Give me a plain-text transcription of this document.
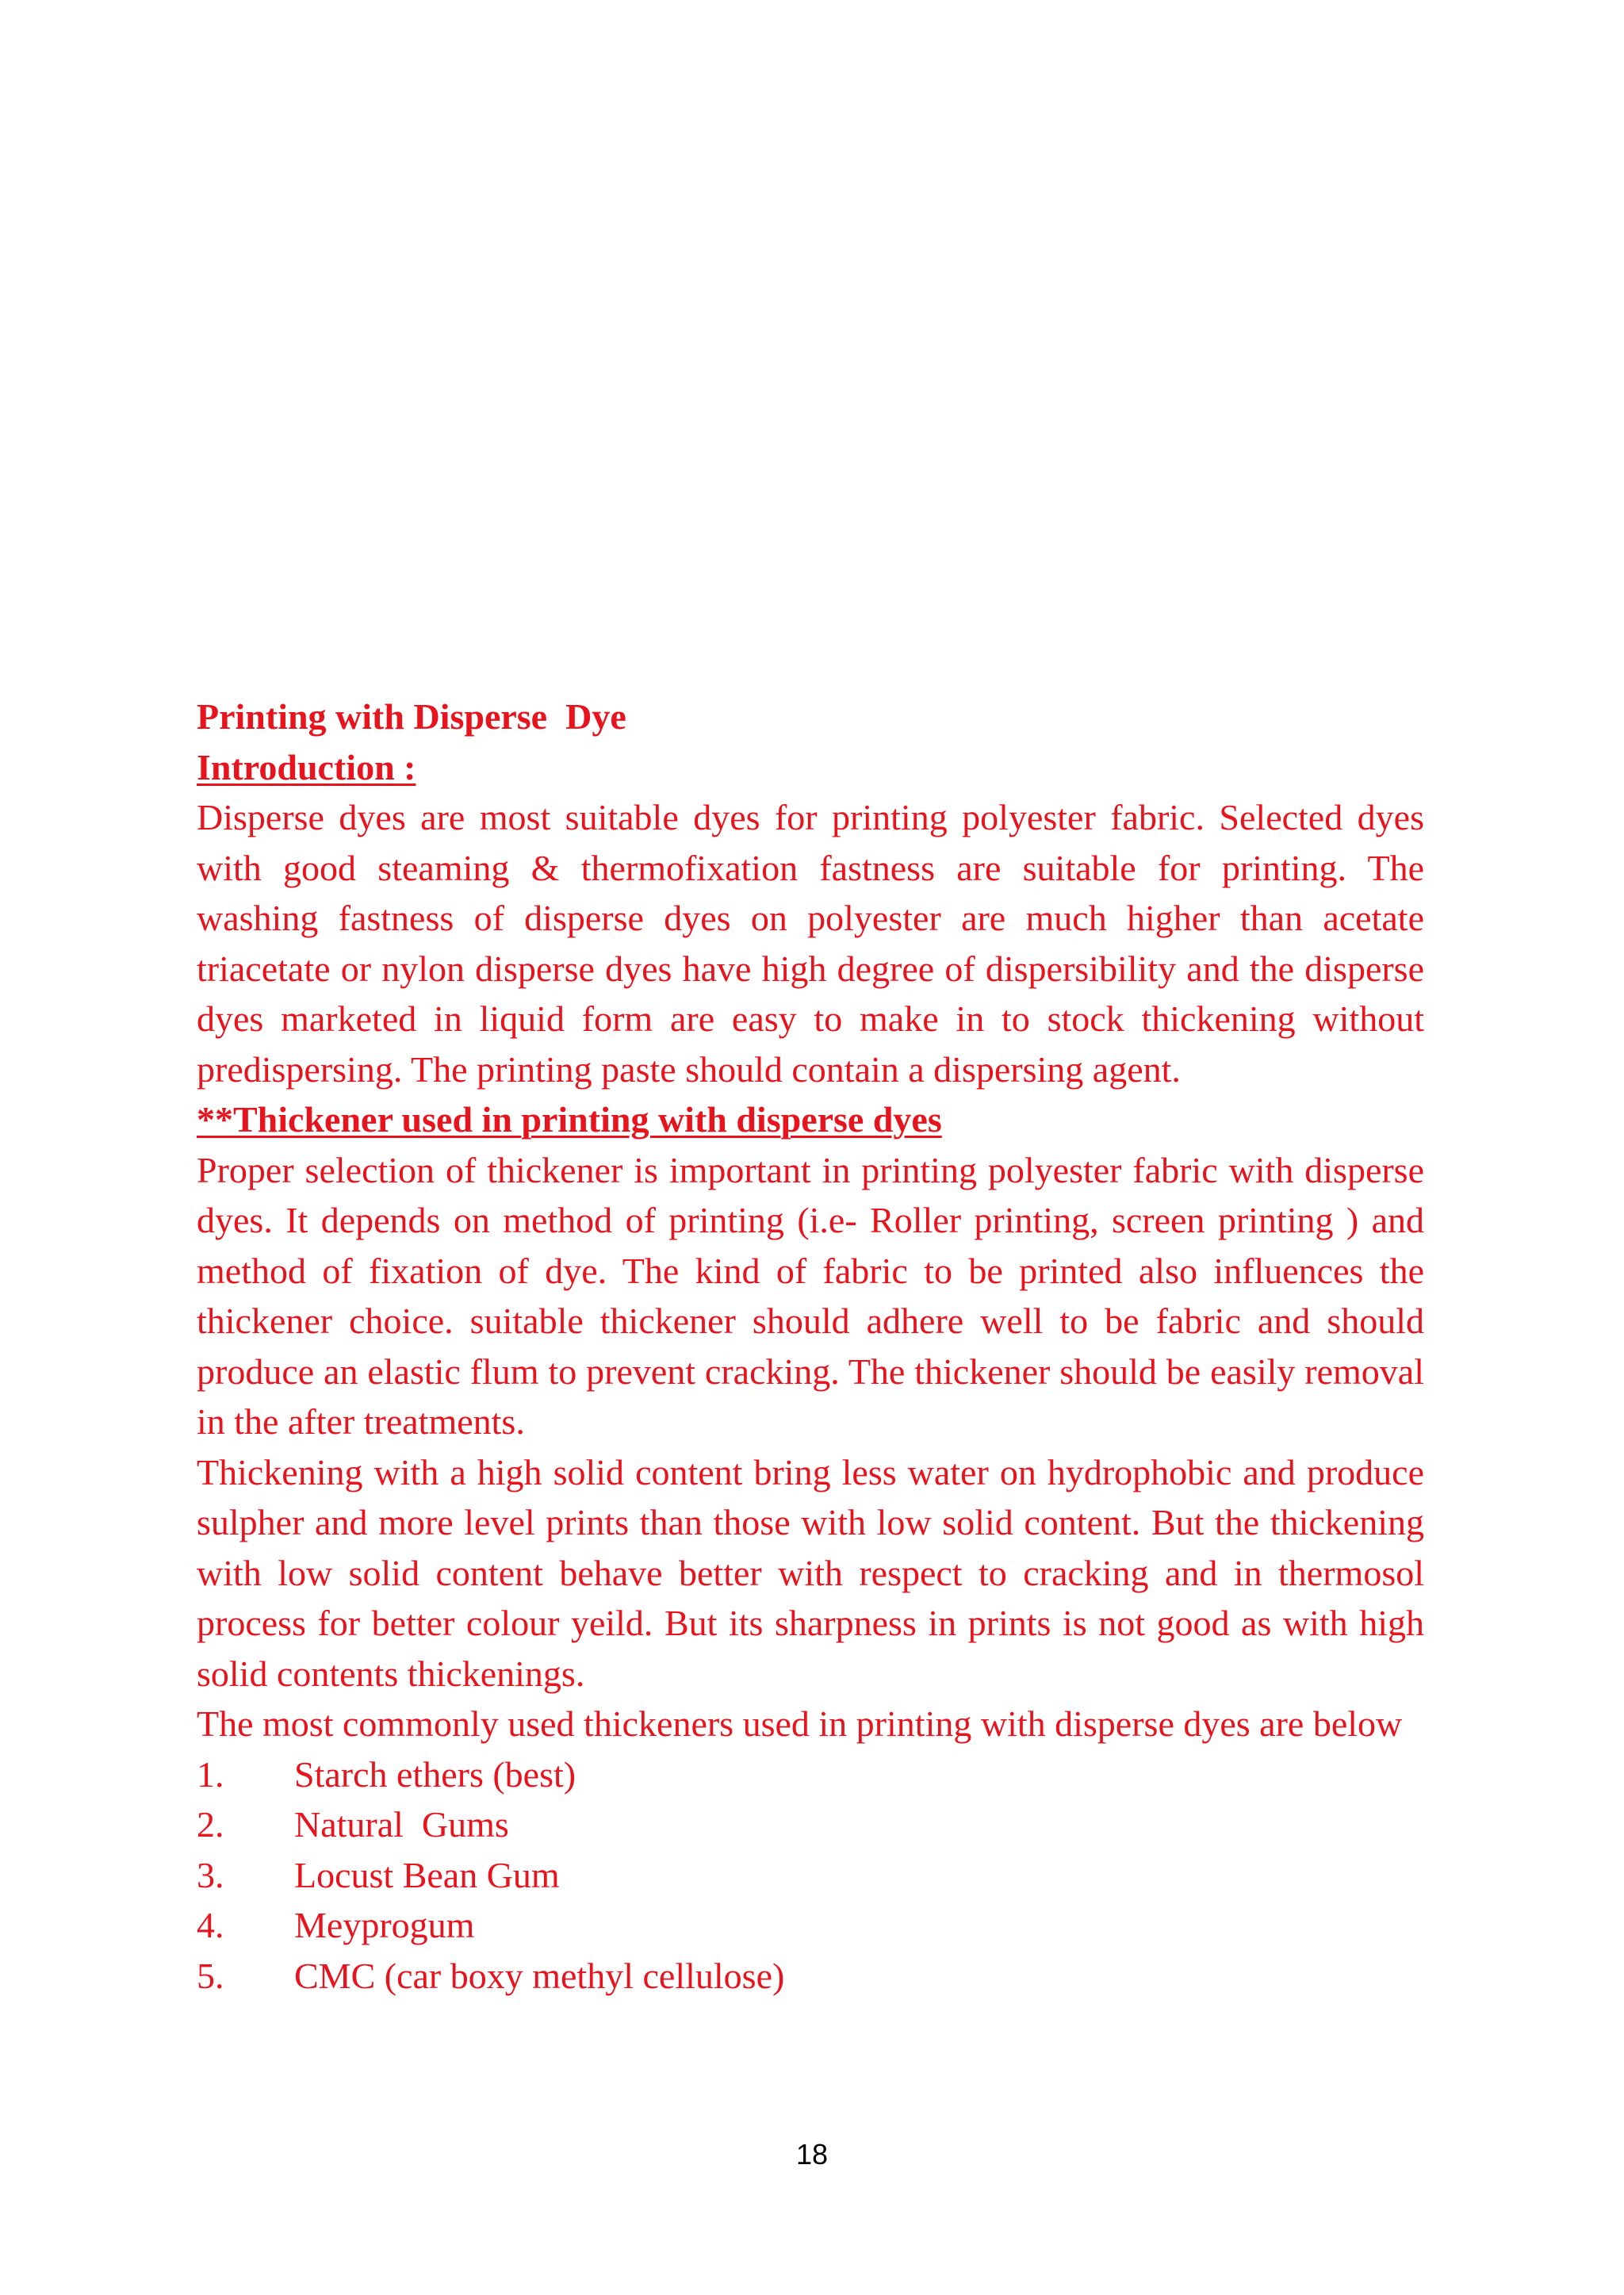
Printing with Disperse  Dye

Introduction :

Disperse dyes are most suitable dyes for printing polyester fabric. Selected dyes with good steaming & thermofixation fastness are suitable for printing. The washing fastness of disperse dyes on polyester are much higher than acetate triacetate or nylon disperse dyes have high degree of dispersibility and the disperse dyes marketed in liquid form are easy to make in to stock thickening without predispersing. The printing paste should contain a dispersing agent.

**Thickener used in printing with disperse dyes

Proper selection of thickener is important in printing polyester fabric with disperse dyes. It depends on method of printing (i.e- Roller printing, screen printing ) and method of fixation of dye. The kind of fabric to be printed also influences the thickener choice. suitable thickener should adhere well to be fabric and should produce an elastic flum to prevent cracking. The thickener should be easily removal in the after treatments.

Thickening with a high solid content bring less water on hydrophobic and produce sulpher and more level prints than those with low solid content. But the thickening with low solid content behave better with respect to cracking and in thermosol process for better colour yeild. But its sharpness in prints is not good as with high solid contents thickenings.

The most commonly used thickeners used in printing with disperse dyes are below

1.	Starch ethers (best)
2.	Natural  Gums
3.	Locust Bean Gum
4.	Meyprogum
5.	CMC (car boxy methyl cellulose)
18
